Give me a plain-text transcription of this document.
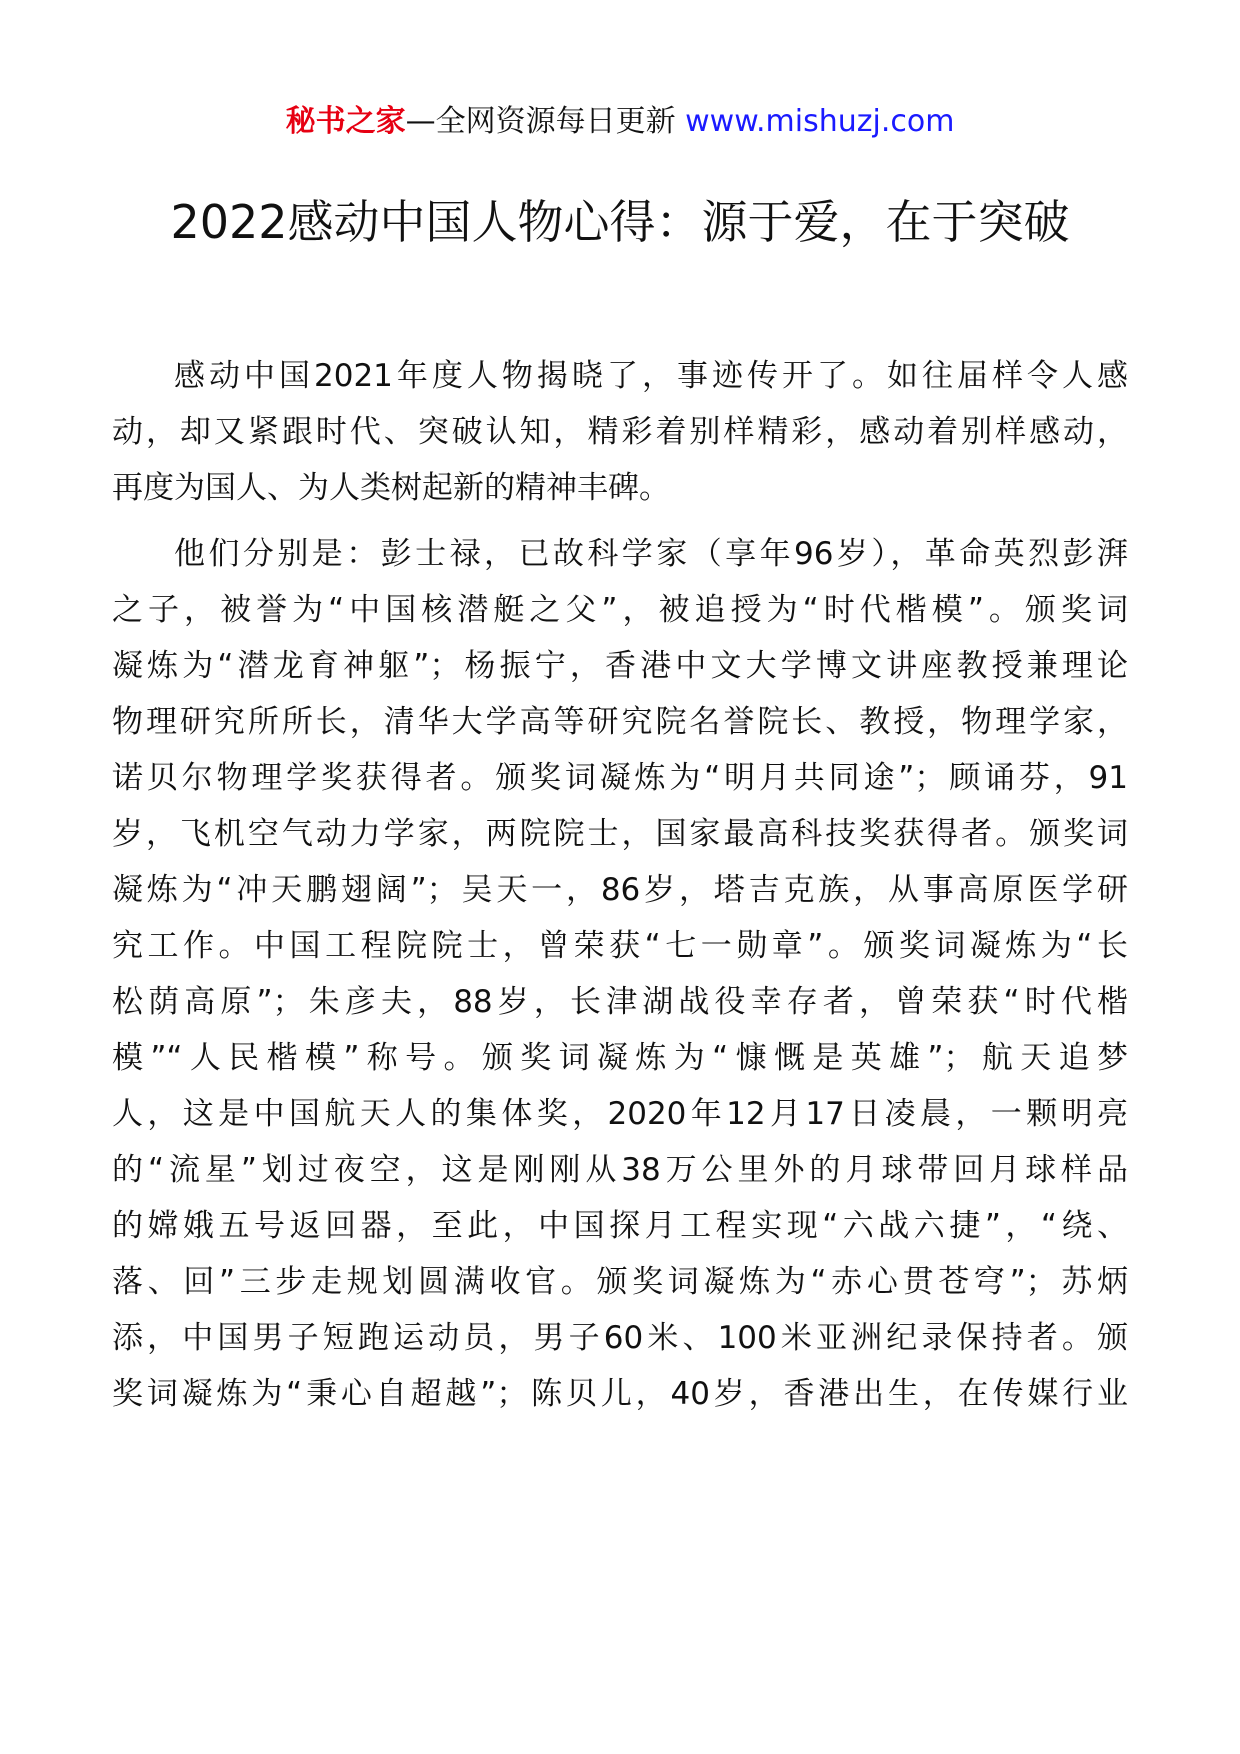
秘书之家—全网资源每日更新 www.mishuzj.com
2022感动中国人物心得：源于爱，在于突破
感动中国2021年度人物揭晓了，事迹传开了。如往届样令人感
动，却又紧跟时代、突破认知，精彩着别样精彩，感动着别样感动，
再度为国人、为人类树起新的精神丰碑。
他们分别是：彭士禄，已故科学家（享年96岁），革命英烈彭湃
之子，被誉为“中国核潜艇之父”，被追授为“时代楷模”。颁奖词
凝炼为“潜龙育神躯”；杨振宁，香港中文大学博文讲座教授兼理论
物理研究所所长，清华大学高等研究院名誉院长、教授，物理学家，
诺贝尔物理学奖获得者。颁奖词凝炼为“明月共同途”；顾诵芬，91
岁，飞机空气动力学家，两院院士，国家最高科技奖获得者。颁奖词
凝炼为“冲天鹏翅阔”；吴天一，86岁，塔吉克族，从事高原医学研
究工作。中国工程院院士，曾荣获“七一勋章”。颁奖词凝炼为“长
松荫高原”；朱彦夫，88岁，长津湖战役幸存者，曾荣获“时代楷
模”“人民楷模”称号。颁奖词凝炼为“慷慨是英雄”；航天追梦
人，这是中国航天人的集体奖，2020年12月17日凌晨，一颗明亮
的“流星”划过夜空，这是刚刚从38万公里外的月球带回月球样品
的嫦娥五号返回器，至此，中国探月工程实现“六战六捷”，“绕、
落、回”三步走规划圆满收官。颁奖词凝炼为“赤心贯苍穹”；苏炳
添，中国男子短跑运动员，男子60米、100米亚洲纪录保持者。颁
奖词凝炼为“秉心自超越”；陈贝儿，40岁，香港出生，在传媒行业
